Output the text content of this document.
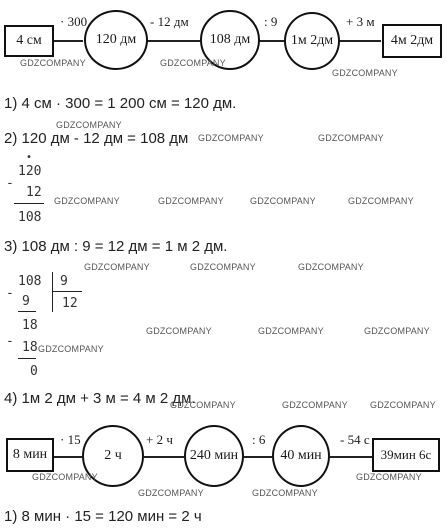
4 см	120 дм	108 дм	1м 2дм	4м 2дм
· 300	- 12 дм	: 9	+ 3 м
GDZCOMPANY	GDZCOMPANY
GDZCOMPANY
1) 4 см · 300 = 1 200 см = 120 дм.
GDZCOMPANY
2) 120 дм - 12 дм = 108 дм GDZCOMPANY	GDZCOMPANY
•
-
120
12
108
GDZCOMPANY	GDZCOMPANY	GDZCOMPANY	GDZCOMPANY
3) 108 дм : 9 = 12 дм = 1 м 2 дм.
GDZCOMPANY	GDZCOMPANY	GDZCOMPANY
-
108 9
12
9
-
18
18
0
GDZCOMPANY	GDZCOMPANY	GDZCOMPANY
GDZCOMPANY
4) 1м 2 дм + 3 м = 4 м 2 дм.
GDZCOMPANY	GDZCOMPANY GDZCOMPANY
8 мин	2 ч	240 мин	40 мин	39мин 6с
· 15	+ 2 ч	: 6	- 54 с
GDZCOMPANY
GDZCOMPANY	GDZCOMPANY
GDZCOMPANY
1) 8 мин · 15 = 120 мин = 2 ч
